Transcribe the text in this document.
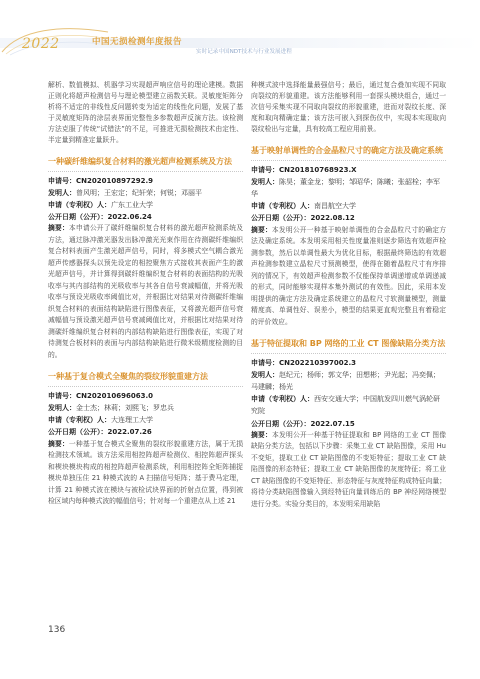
2022	中国无损检测年度报告
实时记录中国NDT技术与行业发展进程

解析、数值模拟、机器学习实现超声响应信号的理论建模。数据正则化将超声检测信号与理论模型建立函数关联。灵敏度矩阵分析将不适定的非线性反问题转变为适定的线性化问题，发展了基于灵敏度矩阵的涂层表界面完整性多参数超声反演方法。该检测方法克服了传统“试错法”的不足，可推进无损检测技术由定性、半定量到精准定量跃升。

一种碳纤维编织复合材料的激光超声检测系统及方法
申请号：CN202010897292.9
发明人：曾风明；王宏定；纪轩荣；何锐；邓丽平
申请（专利权）人：广东工业大学
公开日期（公开）：2022.06.24

摘要：本申请公开了碳纤维编织复合材料的激光超声检测系统及方法，通过脉冲激光器发出脉冲激光光束作用在待测碳纤维编织复合材料表面产生激光超声信号，同时，将多模式空气耦合激光超声传感器探头以预先设定的相控聚焦方式接收其表面产生的激光超声信号，并计算得到碳纤维编织复合材料的表面结构的光吸收率与其内部结构的光吸收率与其各自信号衰减幅值，并将光吸收率与预设光吸收率阈值比对，并根据比对结果对待测碳纤维编织复合材料的表面结构缺陷进行图像表征，又将激光超声信号衰减幅值与预设激光超声信号衰减阈值比对，并根据比对结果对待测碳纤维编织复合材料的内部结构缺陷进行图像表征，实现了对待测复合板材料的表面与内部结构缺陷进行微米级精度检测的目的。

一种基于复合模式全聚焦的裂纹形貌重建方法
申请号：CN202010696063.0
发明人：金士杰；林莉；刘熙飞；罗忠兵
申请（专利权）人：大连理工大学
公开日期（公开）：2022.07.26

摘要：一种基于复合模式全聚焦的裂纹形貌重建方法，属于无损检测技术领域。该方法采用相控阵超声检测仪、相控阵超声探头和楔块模块构成的相控阵超声检测系统，利用相控阵全矩阵捕捉模块单独压住 21 种模式波的 A 扫描信号矩阵；基于费马定理，计算 21 种模式波在模块与被检试块界面的折射点位置，得到被检区域内每种模式波的幅值信号；针对每一个重建点从上述 21

种模式波中选择能量最强信号；最后，通过复合叠加实现不同取向裂纹的形貌重建。该方法能够利用一套探头模块组合，通过一次信号采集实现不同取向裂纹的形貌重建，进而对裂纹长度、深度和取向精确定量；该方法可嵌入到探伤仪中，实现本实现取向裂纹检出与定量，具有较高工程应用前景。

基于映射单调性的合金晶粒尺寸的确定方法及确定系统
申请号：CN201810768923.X
发明人：陈昊；董金龙；黎明；邹昭华；陈曦；张韶栓；李军华
申请（专利权）人：南昌航空大学
公开日期（公开）：2022.08.12

摘要：本发明公开一种基于映射单调性的合金晶粒尺寸的确定方法及确定系统。本发明采用相关性度量准则逐步筛选有效超声检测参数，然后以单调性最大为优化目标，根据最终筛选的有效超声检测参数建立晶粒尺寸预测模型，使得在随着晶粒尺寸有序排列的情况下，有效超声检测参数不仅能保持单调递增或单调递减的形式，同时能够实现样本集外测试的有效性。因此，采用本发明提供的确定方法及确定系统建立的晶粒尺寸软测量模型，测量精度高、单调性好、误差小，模型的结果更直观完整且有着稳定的评价效应。

基于特征提取和 BP 网络的工业 CT 图像缺陷分类方法
申请号：CN202210397002.3
发明人：赵纪元；杨师；郭文华；田想彬；尹光起；冯奕佩；马建麟；杨光
申请（专利权）人：西安交通大学；中国航发四川燃气涡轮研究院
公开日期（公开）：2022.07.15

摘要：本发明公开一种基于特征提取和 BP 网络的工业 CT 图像缺陷分类方法，包括以下步骤：采集工业 CT 缺陷图像，采用 Hu 不变矩，提取工业 CT 缺陷图像的不变矩特征；提取工业 CT 缺陷图像的形态特征；提取工业 CT 缺陷图像的灰度特征；将工业 CT 缺陷图像的不变矩特征、形态特征与灰度特征构成特征向量；将待分类缺陷图像输入到经特征向量训练后的 BP 神经网络模型进行分类。实验分类目的，本发明采用缺陷

136
